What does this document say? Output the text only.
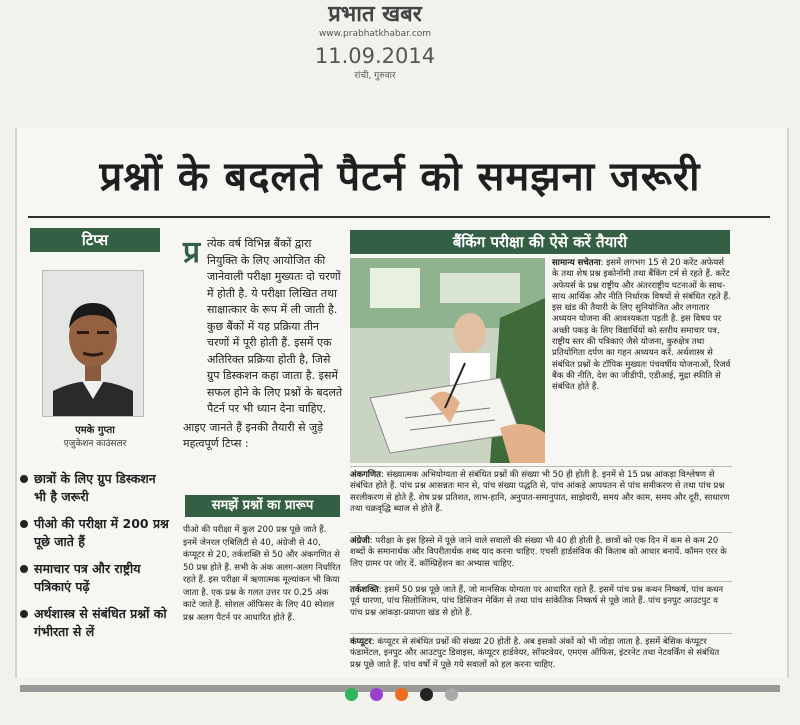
प्रभात खबर
www.prabhatkhabar.com
11.09.2014
रांची, गुरुवार
प्रश्नों के बदलते पैटर्न को समझना जरूरी
टिप्स
एमके गुप्ता
एजुकेशन काउंसलर
छात्रों के लिए ग्रुप डिस्कशन भी है जरूरी
पीओ की परीक्षा में 200 प्रश्न पूछे जाते हैं
समाचार पत्र और राष्ट्रीय पत्रिकाएं पढ़ें
अर्थशास्त्र से संबंधित प्रश्नों को गंभीरता से लें
प्र त्येक वर्ष विभिन्न बैंकों द्वारा नियुक्ति के लिए आयोजित की जानेवाली परीक्षा मुख्यतः दो चरणों में होती है. ये परीक्षा लिखित तथा साक्षात्कार के रूप में ली जाती है. कुछ बैंकों में यह प्रक्रिया तीन चरणों में पूरी होती हैं. इसमें एक अतिरिक्त प्रक्रिया होती है, जिसे ग्रुप डिस्कशन कहा जाता है. इसमें सफल होने के लिए प्रश्नों के बदलते पैटर्न पर भी ध्यान देना चाहिए.

आइए जानते हैं इनकी तैयारी से जुड़े महत्वपूर्ण टिप्स :

समझें प्रश्नों का प्रारूप
पीओ की परीक्षा में कुल 200 प्रश्न पूछे जाते हैं. इनमें जेनरल एबिलिटी से 40, अंग्रेजी से 40, कंप्यूटर से 20, तर्कशक्ति से 50 और अंकगणित से 50 प्रश्न होते हैं. सभी के अंक अलग-अलग निर्धारित रहते हैं. इस परीक्षा में ऋणात्मक मूल्यांकन भी किया जाता है. एक प्रश्न के गलत उत्तर पर 0.25 अंक काटे जाते हैं. सोशल ऑफिसर के लिए 40 स्पेशल प्रश्न अलग पैटर्न पर आधारित होते हैं.
बैंकिंग परीक्षा की ऐसे करें तैयारी
सामान्य सचेतना: इसमें लगभग 15 से 20 करेंट अफेयर्स के तथा शेष प्रश्न इकोनॉमी तथा बैंकिंग टर्म से रहते हैं. करेंट अफेयर्स के प्रश्न राष्ट्रीय और अंतरराष्ट्रीय घटनाओं के साथ-साथ आर्थिक और नीति निर्धारक विषयों से संबंधित रहते हैं. इस खंड की तैयारी के लिए सुनियोजित और लगातार अध्ययन योजना की आवश्यकता पड़ती है. इस विषय पर अच्छी पकड़ के लिए विद्यार्थियों को स्तरीय समाचार पत्र, राष्ट्रीय स्तर की पत्रिकाएं जैसे योजना, कुरुक्षेत्र तथा प्रतियोगिता दर्पण का गहन अध्ययन करें. अर्थशास्त्र से संबंधित प्रश्नों के टॉपिक मुख्यतः पंचवर्षीय योजनाओं, रिजर्व बैंक की नीति, देश का जीडीपी, एडीआई, मुद्रा स्फीति से संबंधित होते हैं.
अंकगणित: संख्यात्मक अभियोग्यता से संबंधित प्रश्नों की संख्या भी 50 ही होती है. इनमें से 15 प्रश्न आंकड़ा विश्लेषण से संबंधित होते हैं. पांच प्रश्न आसन्नतः मान से, पांच संख्या पद्धति से, पांच आंकड़े आपयतन से पांच समीकरण से तथा पांच प्रश्न सरलीकरण से होते हैं. शेष प्रश्न प्रतिशत, लाभ-हानि, अनुपात-समानुपात, साझेदारी, समय और काम, समय और दूरी, साधारण तथा चक्रवृद्धि ब्याज से होते हैं.
अंग्रेजी: परीक्षा के इस हिस्से में पूछे जाने वाले सवालों की संख्या भी 40 ही होती है. छात्रों को एक दिन में कम से कम 20 शब्दों के समानार्थक और विपरीतार्थक शब्द याद करना चाहिए. एचसी हार्डसंविक की किताब को आधार बनायें. कॉमन एरर के लिए ग्रामर पर जोर दें. कॉम्प्रिहेंशन का अभ्यास चाहिए.
तर्कशक्ति: इसमें 50 प्रश्न पूछे जाते हैं, जो मानसिक योग्यता पर आधारित रहते हैं. इसमें पांच प्रश्न कथन निष्कर्ष, पांच कथन पूर्व धारणा, पांच सिलोजिज्म, पांच डिसिजन मेकिंग से तथा पांच सांकेतिक निष्कर्ष से पूछे जाते हैं. पांच इनपुट आउटपुट व पांच प्रश्न आंकड़ा-प्रयाप्ता खंड से होते हैं.
कंप्यूटर: कंप्यूटर से संबंधित प्रश्नों की संख्या 20 होती है. अब इसको अंकों को भी जोड़ा जाता है. इसमें बेसिक कंप्यूटर फंडामेंटल, इनपुट और आउटपुट डिवाइस, कंप्यूटर हार्डवेयर, सॉफ्टवेयर, एमएस ऑफिस, इंटरनेट तथा नेटवर्किंग से संबंधित प्रश्न पूछे जाते हैं. पांच वर्षों में पूछे गये सवालों को हल करना चाहिए.
